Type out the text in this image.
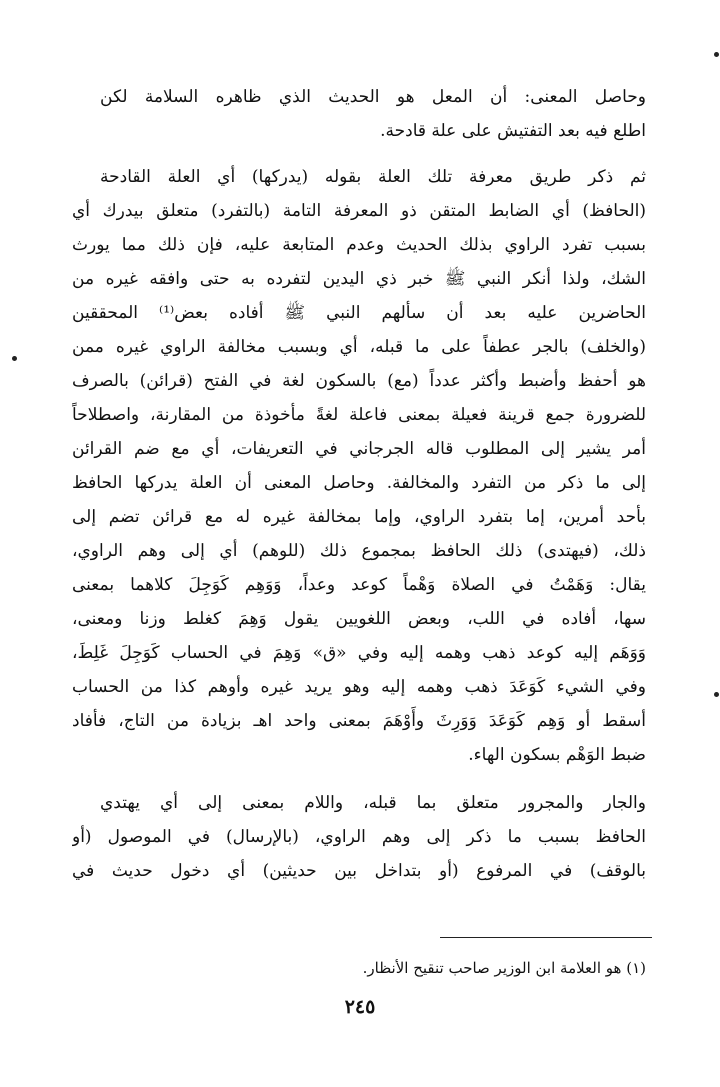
وحاصل المعنى: أن المعل هو الحديث الذي ظاهره السلامة لكن
اطلع فيه بعد التفتيش على علة قادحة.
ثم ذكر طريق معرفة تلك العلة بقوله (يدركها) أي العلة القادحة
(الحافظ) أي الضابط المتقن ذو المعرفة التامة (بالتفرد) متعلق بيدرك أي
بسبب تفرد الراوي بذلك الحديث وعدم المتابعة عليه، فإن ذلك مما يورث
الشك، ولذا أنكر النبي ﷺ خبر ذي اليدين لتفرده به حتى وافقه غيره من
الحاضرين عليه بعد أن سألهم النبي ﷺ أفاده بعض⁽¹⁾ المحققين
(والخلف) بالجر عطفاً على ما قبله، أي وبسبب مخالفة الراوي غيره ممن
هو أحفظ وأضبط وأكثر عدداً (مع) بالسكون لغة في الفتح (قرائن) بالصرف
للضرورة جمع قرينة فعيلة بمعنى فاعلة لغةً مأخوذة من المقارنة، واصطلاحاً
أمر يشير إلى المطلوب قاله الجرجاني في التعريفات، أي مع ضم القرائن
إلى ما ذكر من التفرد والمخالفة. وحاصل المعنى أن العلة يدركها الحافظ
بأحد أمرين، إما بتفرد الراوي، وإما بمخالفة غيره له مع قرائن تضم إلى
ذلك، (فيهتدى) ذلك الحافظ بمجموع ذلك (للوهم) أي إلى وهم الراوي،
يقال: وَهَمْتُ في الصلاة وَهْماً كوعد وعداً، وَوَهِم كَوَجِلَ كلاهما بمعنى
سها، أفاده في اللب، وبعض اللغويين يقول وَهِمَ كغلط وزنا ومعنى،
وَوَهَم إليه كوعد ذهب وهمه إليه وفي «ق» وَهِمَ في الحساب كَوَجِلَ غَلِطَ،
وفي الشيء كَوَعَدَ ذهب وهمه إليه وهو يريد غيره وأوهم كذا من الحساب
أسقط أو وَهِم كَوَعَدَ وَوَرِثَ وأَوْهَمَ بمعنى واحد اهـ بزيادة من التاج، فأفاد
ضبط الوَهْم بسكون الهاء.
والجار والمجرور متعلق بما قبله، واللام بمعنى إلى أي يهتدي
الحافظ بسبب ما ذكر إلى وهم الراوي، (بالإرسال) في الموصول (أو
بالوقف) في المرفوع (أو بتداخل بين حديثين) أي دخول حديث في
(١) هو العلامة ابن الوزير صاحب تنقيح الأنظار.
٢٤٥
